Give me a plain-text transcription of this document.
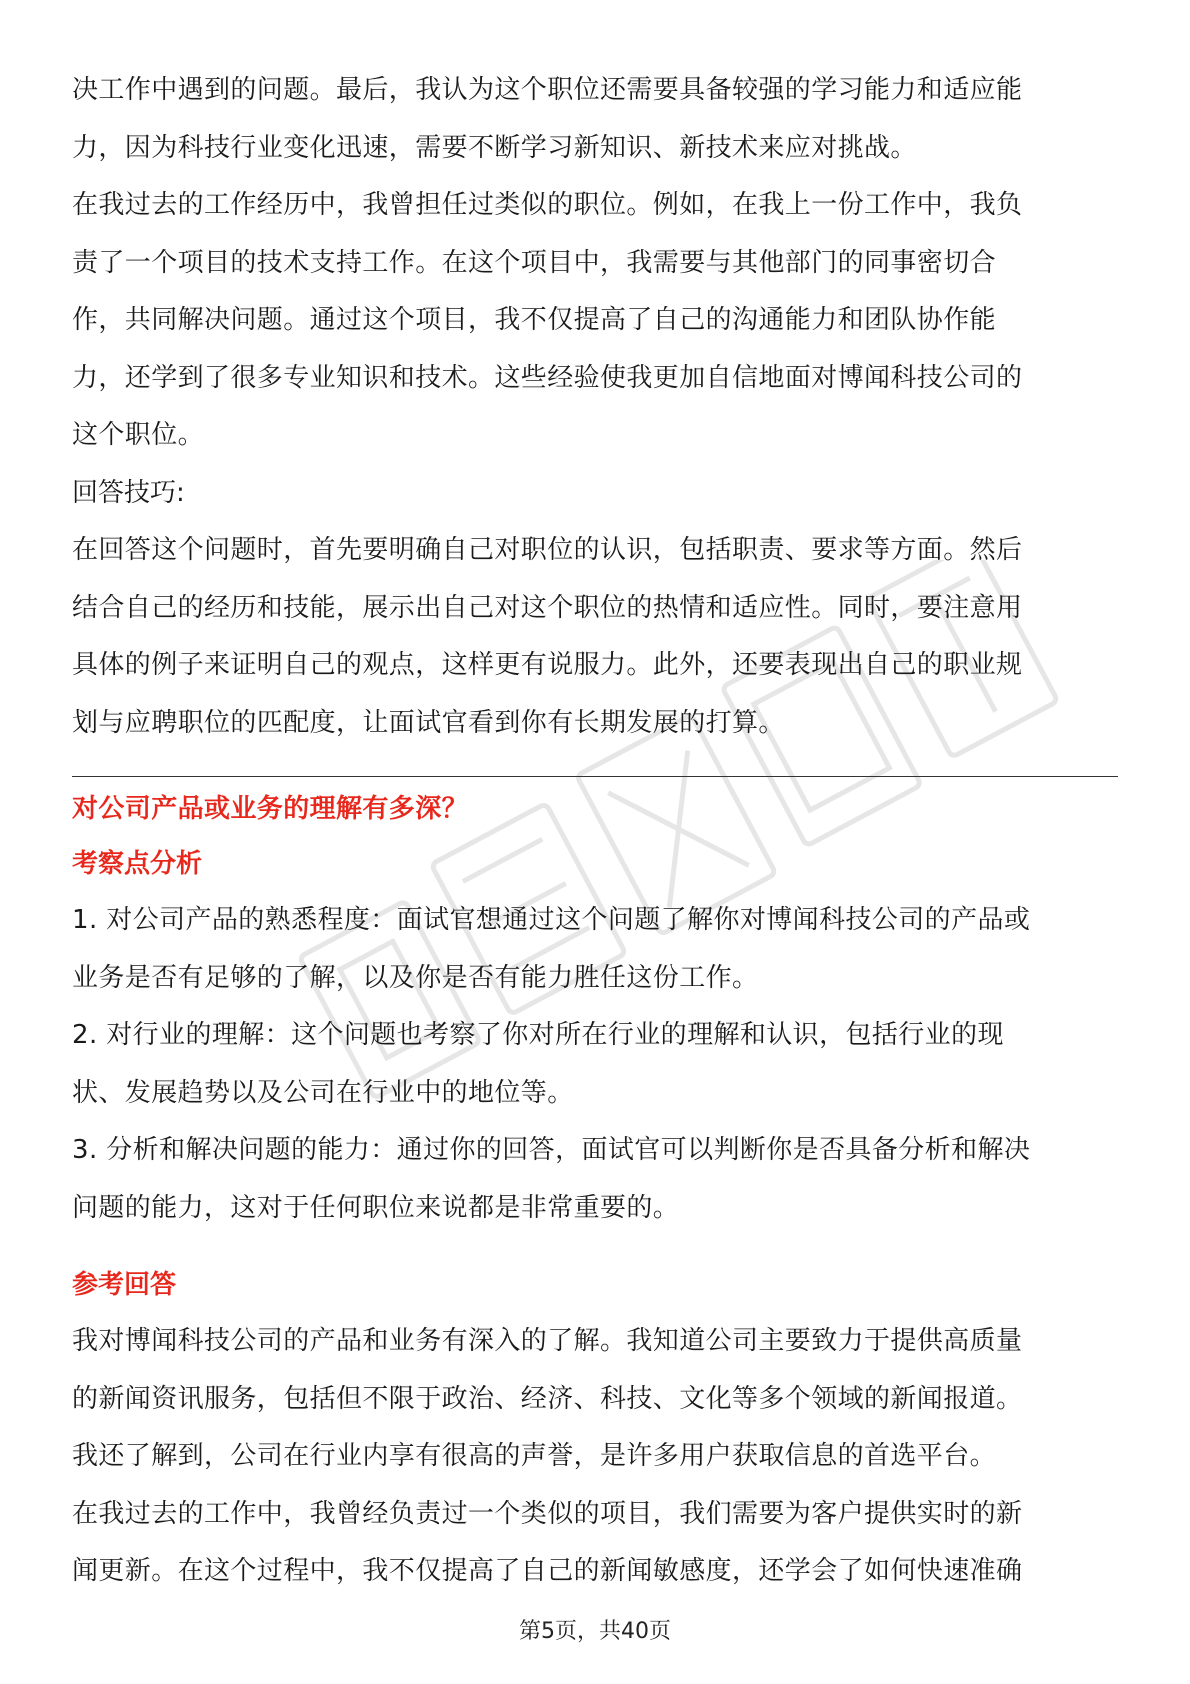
决工作中遇到的问题。最后，我认为这个职位还需要具备较强的学习能力和适应能
力，因为科技行业变化迅速，需要不断学习新知识、新技术来应对挑战。
在我过去的工作经历中，我曾担任过类似的职位。例如，在我上一份工作中，我负
责了一个项目的技术支持工作。在这个项目中，我需要与其他部门的同事密切合
作，共同解决问题。通过这个项目，我不仅提高了自己的沟通能力和团队协作能
力，还学到了很多专业知识和技术。这些经验使我更加自信地面对博闻科技公司的
这个职位。

回答技巧:

在回答这个问题时，首先要明确自己对职位的认识，包括职责、要求等方面。然后
结合自己的经历和技能，展示出自己对这个职位的热情和适应性。同时，要注意用
具体的例子来证明自己的观点，这样更有说服力。此外，还要表现出自己的职业规
划与应聘职位的匹配度，让面试官看到你有长期发展的打算。

对公司产品或业务的理解有多深？

考察点分析

1. 对公司产品的熟悉程度：面试官想通过这个问题了解你对博闻科技公司的产品或
业务是否有足够的了解，以及你是否有能力胜任这份工作。
2. 对行业的理解：这个问题也考察了你对所在行业的理解和认识，包括行业的现
状、发展趋势以及公司在行业中的地位等。
3. 分析和解决问题的能力：通过你的回答，面试官可以判断你是否具备分析和解决
问题的能力，这对于任何职位来说都是非常重要的。

参考回答

我对博闻科技公司的产品和业务有深入的了解。我知道公司主要致力于提供高质量
的新闻资讯服务，包括但不限于政治、经济、科技、文化等多个领域的新闻报道。
我还了解到，公司在行业内享有很高的声誉，是许多用户获取信息的首选平台。
在我过去的工作中，我曾经负责过一个类似的项目，我们需要为客户提供实时的新
闻更新。在这个过程中，我不仅提高了自己的新闻敏感度，还学会了如何快速准确
第5页，共40页
